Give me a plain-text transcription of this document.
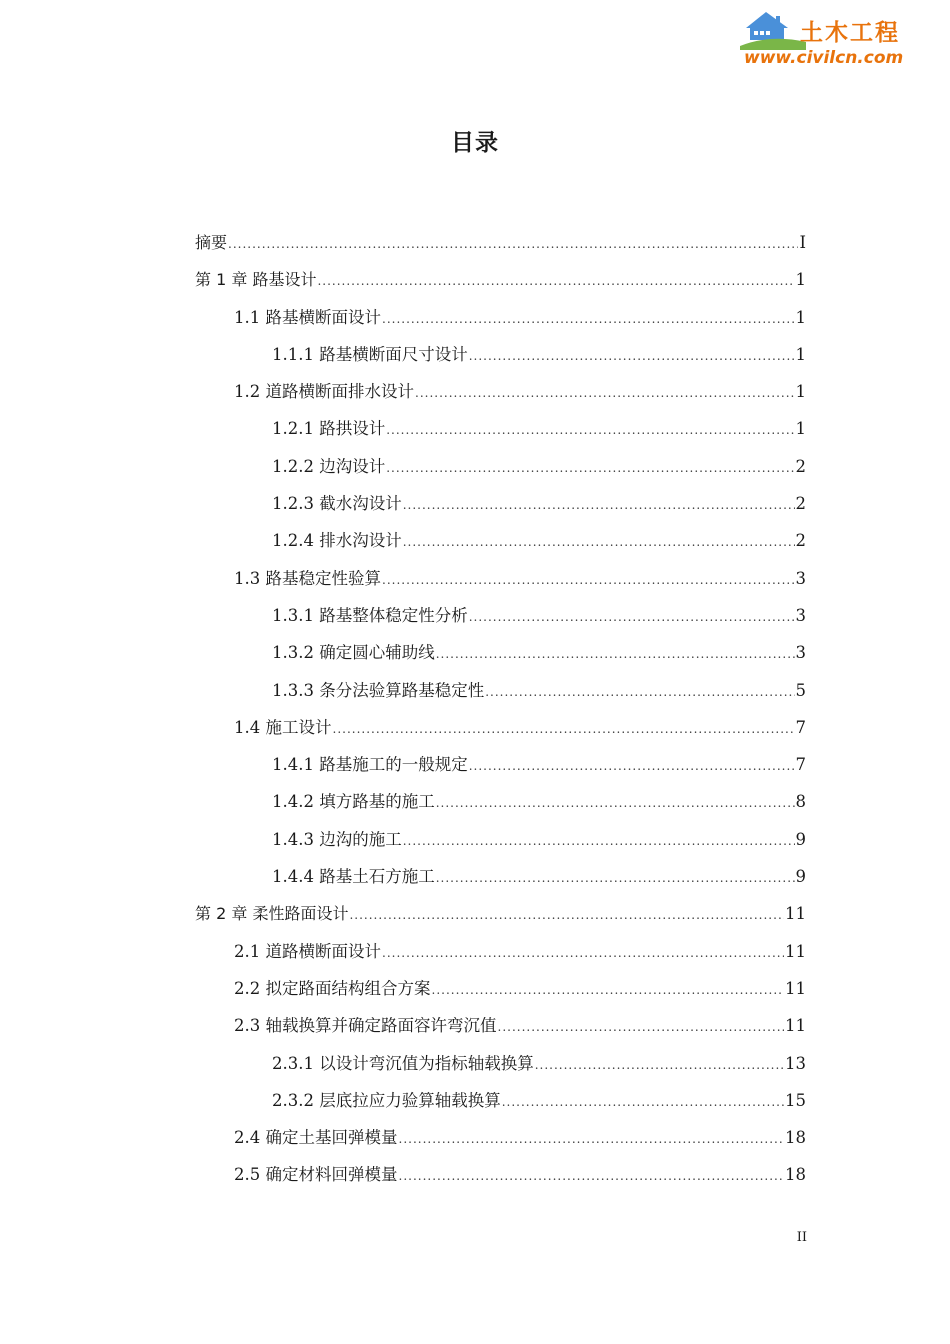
土木工程
www.civilcn.com
目录
摘要 .....	I
第 1 章 路基设计 .....	1
1.1 路基横断面设计 .....	1
1.1.1 路基横断面尺寸设计 .....	1
1.2 道路横断面排水设计 .....	1
1.2.1 路拱设计 .....	1
1.2.2 边沟设计 .....	2
1.2.3 截水沟设计 .....	2
1.2.4 排水沟设计 .....	2
1.3 路基稳定性验算 .....	3
1.3.1 路基整体稳定性分析 .....	3
1.3.2 确定圆心辅助线 .....	3
1.3.3 条分法验算路基稳定性 .....	5
1.4 施工设计 .....	7
1.4.1 路基施工的一般规定 .....	7
1.4.2 填方路基的施工 .....	8
1.4.3 边沟的施工 .....	9
1.4.4 路基土石方施工 .....	9
第 2 章 柔性路面设计 .....	11
2.1 道路横断面设计 .....	11
2.2 拟定路面结构组合方案 .....	11
2.3 轴载换算并确定路面容许弯沉值 .....	11
2.3.1 以设计弯沉值为指标轴载换算 .....	13
2.3.2 层底拉应力验算轴载换算 .....	15
2.4 确定土基回弹模量 .....	18
2.5 确定材料回弹模量 .....	18
II
